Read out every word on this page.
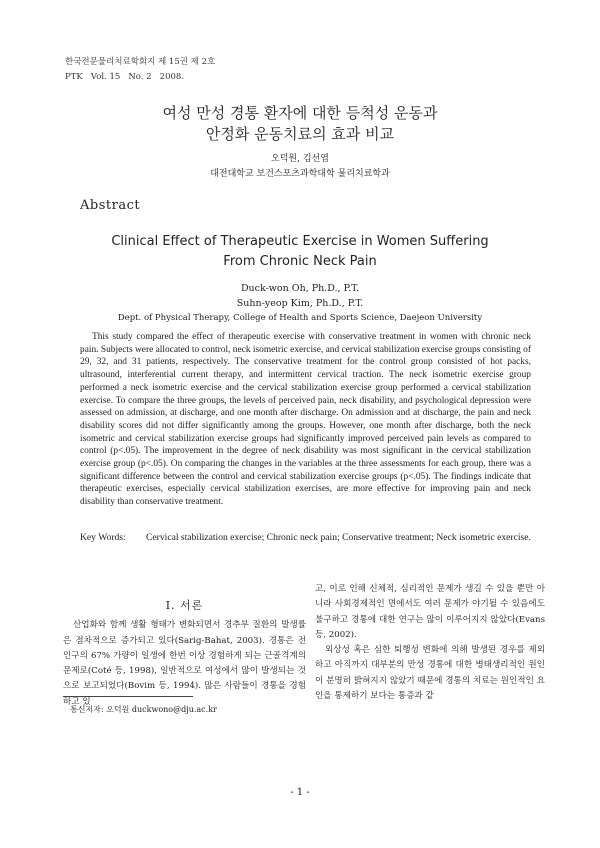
한국전문물리치료학회지 제 15권 제 2호
PTK   Vol. 15   No. 2   2008.
여성 만성 경통 환자에 대한 등척성 운동과
안정화 운동치료의 효과 비교
오덕원, 김선엽
대전대학교 보건스포츠과학대학 물리치료학과
Abstract
Clinical Effect of Therapeutic Exercise in Women Suffering
From Chronic Neck Pain
Duck-won Oh, Ph.D., P.T.
Suhn-yeop Kim, Ph.D., P.T.
Dept. of Physical Therapy, College of Health and Sports Science, Daejeon University

This study compared the effect of therapeutic exercise with conservative treatment in women with chronic neck pain. Subjects were allocated to control, neck isometric exercise, and cervical stabilization exercise groups consisting of 29, 32, and 31 patients, respectively. The conservative treatment for the control group consisted of hot packs, ultrasound, interferential current therapy, and intermittent cervical traction. The neck isometric exercise group performed a neck isometric exercise and the cervical stabilization exercise group performed a cervical stabilization exercise. To compare the three groups, the levels of perceived pain, neck disability, and psychological depression were assessed on admission, at discharge, and one month after discharge. On admission and at discharge, the pain and neck disability scores did not differ significantly among the groups. However, one month after discharge, both the neck isometric and cervical stabilization exercise groups had significantly improved perceived pain levels as compared to control (p<.05). The improvement in the degree of neck disability was most significant in the cervical stabilization exercise group (p<.05). On comparing the changes in the variables at the three assessments for each group, there was a significant difference between the control and cervical stabilization exercise groups (p<.05). The findings indicate that therapeutic exercises, especially cervical stabilization exercises, are more effective for improving pain and neck disability than conservative treatment.

Key Words: Cervical stabilization exercise; Chronic neck pain; Conservative treatment; Neck isometric exercise.

Ⅰ. 서론

산업화와 함께 생활 형태가 변화되면서 경추부 질환의 발생률은 점차적으로 증가되고 있다(Sarig-Bahat, 2003). 경통은 전인구의 67% 가량이 일생에 한번 이상 경험하게 되는 근골격계의 문제로(Coté 등, 1998), 일반적으로 여성에서 많이 발생되는 것으로 보고되었다(Bovim 등, 1994). 많은 사람들이 경통을 경험하고 있

고, 이로 인해 신체적, 심리적인 문제가 생길 수 있을 뿐만 아니라 사회경제적인 면에서도 여러 문제가 야기될 수 있음에도 불구하고 경통에 대한 연구는 많이 이루어지지 않았다(Evans 등, 2002).

외상성 혹은 심한 퇴행성 변화에 의해 발생된 경우를 제외하고 아직까지 대부분의 만성 경통에 대한 병태생리적인 원인이 분명히 밝혀지지 않았기 때문에 경통의 치료는 원인적인 요인을 통제하기 보다는 통증과 같

통신저자: 오덕원 duckwono@dju.ac.kr
- 1 -
